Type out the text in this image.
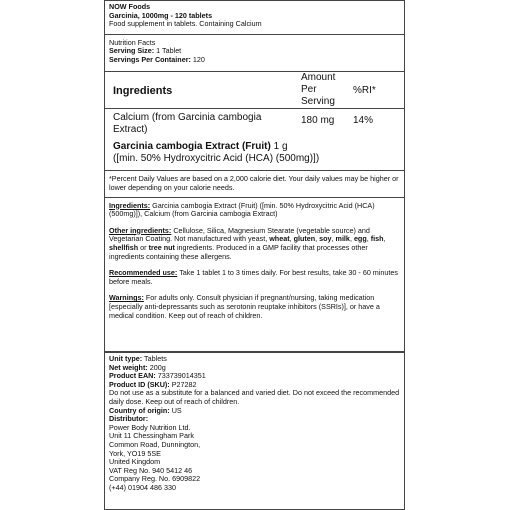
NOW Foods
Garcinia, 1000mg - 120 tablets
Food supplement in tablets. Containing Calcium
Nutrition Facts
Serving Size: 1 Tablet
Servings Per Container: 120
Ingredients
Amount
Per
Serving
%RI*
Calcium (from Garcinia cambogia
Extract)
180 mg 14%
Garcinia cambogia Extract (Fruit) 1 g
([min. 50% Hydroxycitric Acid (HCA) (500mg)])
*Percent Daily Values are based on a 2,000 calorie diet. Your daily values may be higher or lower depending on your calorie needs.
Ingredients: Garcinia cambogia Extract (Fruit) ([min. 50% Hydroxycitric Acid (HCA) (500mg)]), Calcium (from Garcinia cambogia Extract)
Other ingredients: Cellulose, Silica, Magnesium Stearate (vegetable source) and Vegetarian Coating. Not manufactured with yeast, wheat, gluten, soy, milk, egg, fish, shellfish or tree nut ingredients. Produced in a GMP facility that processes other ingredients containing these allergens.
Recommended use: Take 1 tablet 1 to 3 times daily. For best results, take 30 - 60 minutes before meals.
Warnings: For adults only. Consult physician if pregnant/nursing, taking medication [especially anti-depressants such as serotonin reuptake inhibitors (SSRIs)], or have a medical condition. Keep out of reach of children.
Unit type: Tablets
Net weight: 200g
Product EAN: 733739014351
Product ID (SKU): P27282
Do not use as a substitute for a balanced and varied diet. Do not exceed the recommended daily dose. Keep out of reach of children.
Country of origin: US
Distributor:
Power Body Nutrition Ltd.
Unit 11 Chessingham Park
Common Road, Dunnington,
York, YO19 5SE
United Kingdom
VAT Reg No. 940 5412 46
Company Reg. No. 6909822
(+44) 01904 486 330
